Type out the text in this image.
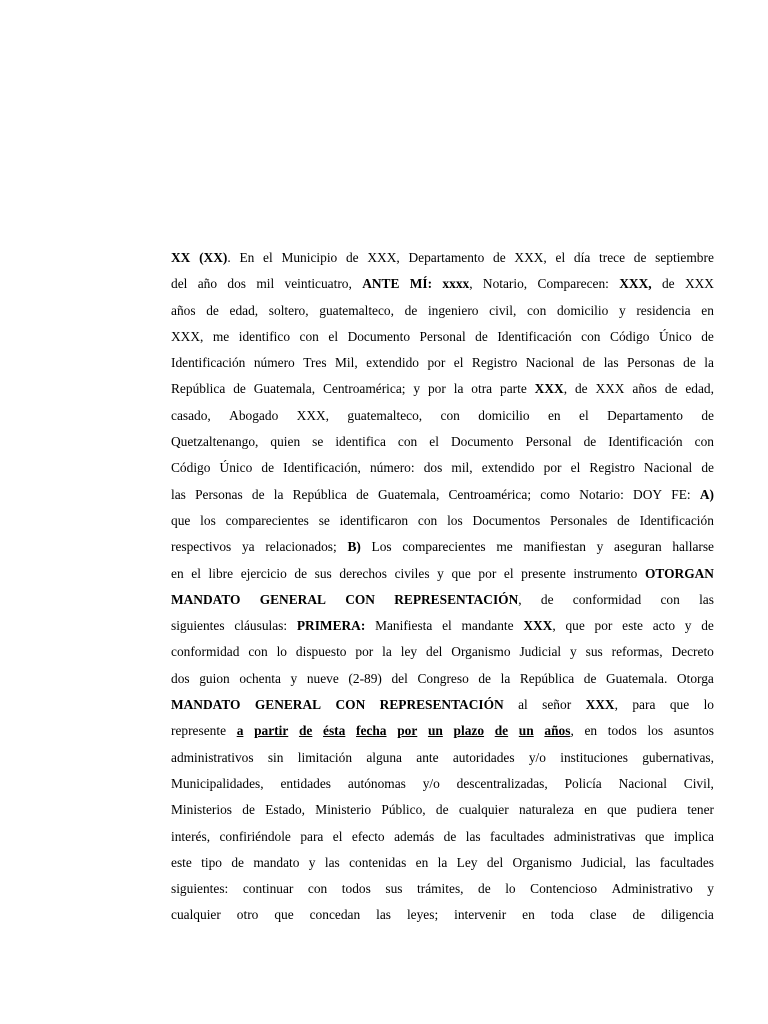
XX (XX). En el Municipio de XXX, Departamento de XXX, el día trece de septiembre
del año dos mil veinticuatro, ANTE MÍ: xxxx, Notario, Comparecen: XXX, de XXX
años de edad, soltero, guatemalteco, de ingeniero civil, con domicilio y residencia en
XXX, me identifico con el Documento Personal de Identificación con Código Único de
Identificación número Tres Mil, extendido por el Registro Nacional de las Personas de la
República de Guatemala, Centroamérica; y por la otra parte XXX, de XXX años de edad,
casado, Abogado XXX, guatemalteco, con domicilio en el Departamento de
Quetzaltenango, quien se identifica con el Documento Personal de Identificación con
Código Único de Identificación, número: dos mil, extendido por el Registro Nacional de
las Personas de la República de Guatemala, Centroamérica; como Notario: DOY FE: A)
que los comparecientes se identificaron con los Documentos Personales de Identificación
respectivos ya relacionados; B) Los comparecientes me manifiestan y aseguran hallarse
en el libre ejercicio de sus derechos civiles y que por el presente instrumento OTORGAN
MANDATO GENERAL CON REPRESENTACIÓN, de conformidad con las
siguientes cláusulas: PRIMERA: Manifiesta el mandante XXX, que por este acto y de
conformidad con lo dispuesto por la ley del Organismo Judicial y sus reformas, Decreto
dos guion ochenta y nueve (2-89) del Congreso de la República de Guatemala. Otorga
MANDATO GENERAL CON REPRESENTACIÓN al señor XXX, para que lo
represente a partir de ésta fecha por un plazo de un años, en todos los asuntos
administrativos sin limitación alguna ante autoridades y/o instituciones gubernativas,
Municipalidades, entidades autónomas y/o descentralizadas, Policía Nacional Civil,
Ministerios de Estado, Ministerio Público, de cualquier naturaleza en que pudiera tener
interés, confiriéndole para el efecto además de las facultades administrativas que implica
este tipo de mandato y las contenidas en la Ley del Organismo Judicial, las facultades
siguientes: continuar con todos sus trámites, de lo Contencioso Administrativo y
cualquier otro que concedan las leyes; intervenir en toda clase de diligencia
